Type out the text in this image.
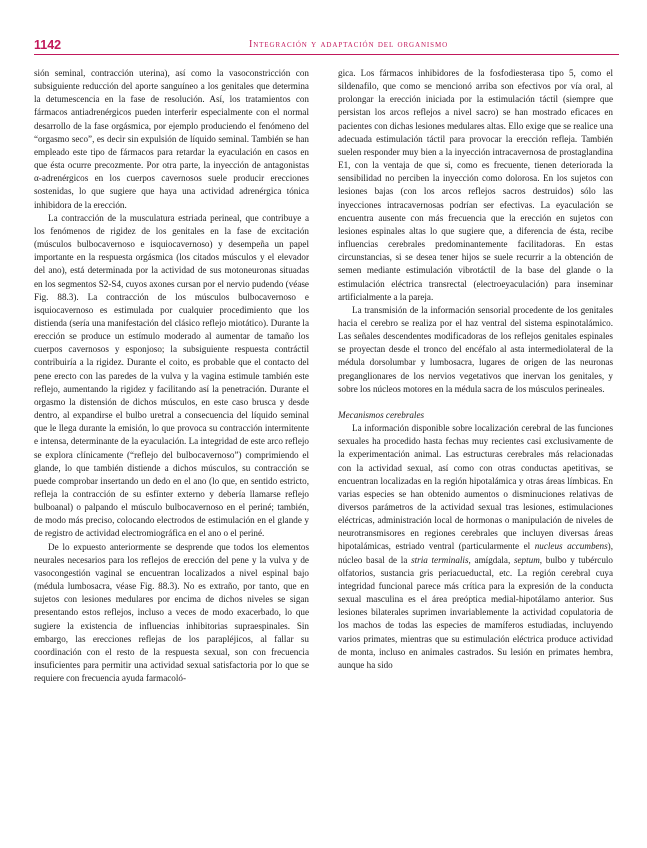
1142	Integración y adaptación del organismo

sión seminal, contracción uterina), así como la vasoconstricción con subsiguiente reducción del aporte sanguíneo a los genitales que determina la detumescencia en la fase de resolución. Así, los tratamientos con fármacos antiadrenérgicos pueden interferir especialmente con el normal desarrollo de la fase orgásmica, por ejemplo produciendo el fenómeno del “orgasmo seco”, es decir sin expulsión de líquido seminal. También se han empleado este tipo de fármacos para retardar la eyaculación en casos en que ésta ocurre precozmente. Por otra parte, la inyección de antagonistas α-adrenérgicos en los cuerpos cavernosos suele producir erecciones sostenidas, lo que sugiere que haya una actividad adrenérgica tónica inhibidora de la erección.

La contracción de la musculatura estriada perineal, que contribuye a los fenómenos de rigidez de los genitales en la fase de excitación (músculos bulbocavernoso e isquiocavernoso) y desempeña un papel importante en la respuesta orgásmica (los citados músculos y el elevador del ano), está determinada por la actividad de sus motoneuronas situadas en los segmentos S2-S4, cuyos axones cursan por el nervio pudendo (véase Fig. 88.3). La contracción de los músculos bulbocavernoso e isquiocavernoso es estimulada por cualquier procedimiento que los distienda (sería una manifestación del clásico reflejo miotático). Durante la erección se produce un estímulo moderado al aumentar de tamaño los cuerpos cavernosos y esponjoso; la subsiguiente respuesta contráctil contribuiría a la rigidez. Durante el coito, es probable que el contacto del pene erecto con las paredes de la vulva y la vagina estimule también este reflejo, aumentando la rigidez y facilitando así la penetración. Durante el orgasmo la distensión de dichos músculos, en este caso brusca y desde dentro, al expandirse el bulbo uretral a consecuencia del líquido seminal que le llega durante la emisión, lo que provoca su contracción intermitente e intensa, determinante de la eyaculación. La integridad de este arco reflejo se explora clínicamente (“reflejo del bulbocavernoso”) comprimiendo el glande, lo que también distiende a dichos músculos, su contracción se puede comprobar insertando un dedo en el ano (lo que, en sentido estricto, refleja la contracción de su esfínter externo y debería llamarse reflejo bulboanal) o palpando el músculo bulbocavernoso en el periné; también, de modo más preciso, colocando electrodos de estimulación en el glande y de registro de actividad electromiográfica en el ano o el periné.

De lo expuesto anteriormente se desprende que todos los elementos neurales necesarios para los reflejos de erección del pene y la vulva y de vasocongestión vaginal se encuentran localizados a nivel espinal bajo (médula lumbosacra, véase Fig. 88.3). No es extraño, por tanto, que en sujetos con lesiones medulares por encima de dichos niveles se sigan presentando estos reflejos, incluso a veces de modo exacerbado, lo que sugiere la existencia de influencias inhibitorias supraespinales. Sin embargo, las erecciones reflejas de los parapléjicos, al fallar su coordinación con el resto de la respuesta sexual, son con frecuencia insuficientes para permitir una actividad sexual satisfactoria por lo que se requiere con frecuencia ayuda farmacoló-

gica. Los fármacos inhibidores de la fosfodiesterasa tipo 5, como el sildenafilo, que como se mencionó arriba son efectivos por vía oral, al prolongar la erección iniciada por la estimulación táctil (siempre que persistan los arcos reflejos a nivel sacro) se han mostrado eficaces en pacientes con dichas lesiones medulares altas. Ello exige que se realice una adecuada estimulación táctil para provocar la erección refleja. También suelen responder muy bien a la inyección intracavernosa de prostaglandina E1, con la ventaja de que si, como es frecuente, tienen deteriorada la sensibilidad no perciben la inyección como dolorosa. En los sujetos con lesiones bajas (con los arcos reflejos sacros destruidos) sólo las inyecciones intracavernosas podrían ser efectivas. La eyaculación se encuentra ausente con más frecuencia que la erección en sujetos con lesiones espinales altas lo que sugiere que, a diferencia de ésta, recibe influencias cerebrales predominantemente facilitadoras. En estas circunstancias, si se desea tener hijos se suele recurrir a la obtención de semen mediante estimulación vibrotáctil de la base del glande o la estimulación eléctrica transrectal (electroeyaculación) para inseminar artificialmente a la pareja.

La transmisión de la información sensorial procedente de los genitales hacia el cerebro se realiza por el haz ventral del sistema espinotalámico. Las señales descendentes modificadoras de los reflejos genitales espinales se proyectan desde el tronco del encéfalo al asta intermediolateral de la médula dorsolumbar y lumbosacra, lugares de origen de las neuronas preganglionares de los nervios vegetativos que inervan los genitales, y sobre los núcleos motores en la médula sacra de los músculos perineales.

Mecanismos cerebrales

La información disponible sobre localización cerebral de las funciones sexuales ha procedido hasta fechas muy recientes casi exclusivamente de la experimentación animal. Las estructuras cerebrales más relacionadas con la actividad sexual, así como con otras conductas apetitivas, se encuentran localizadas en la región hipotalámica y otras áreas límbicas. En varias especies se han obtenido aumentos o disminuciones relativas de diversos parámetros de la actividad sexual tras lesiones, estimulaciones eléctricas, administración local de hormonas o manipulación de niveles de neurotransmisores en regiones cerebrales que incluyen diversas áreas hipotalámicas, estriado ventral (particularmente el nucleus accumbens), núcleo basal de la stria terminalis, amígdala, septum, bulbo y tubérculo olfatorios, sustancia gris periacueductal, etc. La región cerebral cuya integridad funcional parece más crítica para la expresión de la conducta sexual masculina es el área preóptica medial-hipotálamo anterior. Sus lesiones bilaterales suprimen invariablemente la actividad copulatoria de los machos de todas las especies de mamíferos estudiadas, incluyendo varios primates, mientras que su estimulación eléctrica produce actividad de monta, incluso en animales castrados. Su lesión en primates hembra, aunque ha sido
